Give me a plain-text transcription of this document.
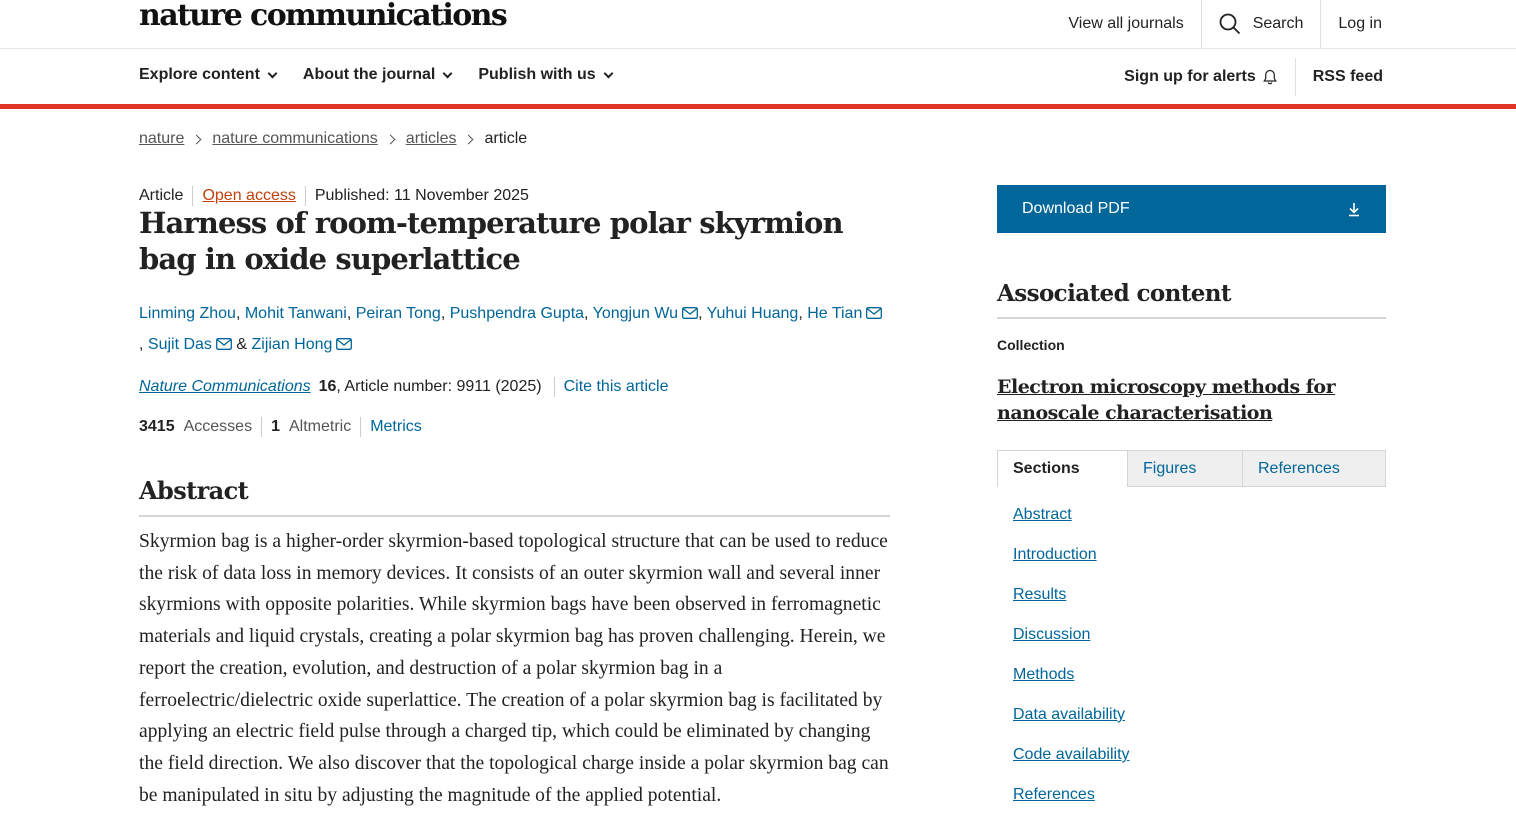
nature communications	View all journals	Search Log in
Explore content	About the journal	Publish with us	Sign up for alerts	RSS feed
nature nature communications articles article
Article Open access Published: 11 November 2025
Harness of room-temperature polar skyrmion bag in oxide superlattice
Linming Zhou, Mohit Tanwani, Peiran Tong, Pushpendra Gupta, Yongjun Wu , Yuhui Huang, He Tian
, Sujit Das & Zijian Hong
Nature Communications 16 , Article number: 9911 (2025) Cite this article
3415 Accesses 1 Altmetric Metrics
Abstract

Skyrmion bag is a higher-order skyrmion-based topological structure that can be used to reduce the risk of data loss in memory devices. It consists of an outer skyrmion wall and several inner skyrmions with opposite polarities. While skyrmion bags have been observed in ferromagnetic materials and liquid crystals, creating a polar skyrmion bag has proven challenging. Herein, we report the creation, evolution, and destruction of a polar skyrmion bag in a ferroelectric/dielectric oxide superlattice. The creation of a polar skyrmion bag is facilitated by applying an electric field pulse through a charged tip, which could be eliminated by changing the field direction. We also discover that the topological charge inside a polar skyrmion bag can be manipulated in situ by adjusting the magnitude of the applied potential.

Download PDF
Associated content
Collection
Electron microscopy methods for nanoscale characterisation
Sections	Figures	References
Abstract
Introduction
Results
Discussion
Methods
Data availability
Code availability
References
